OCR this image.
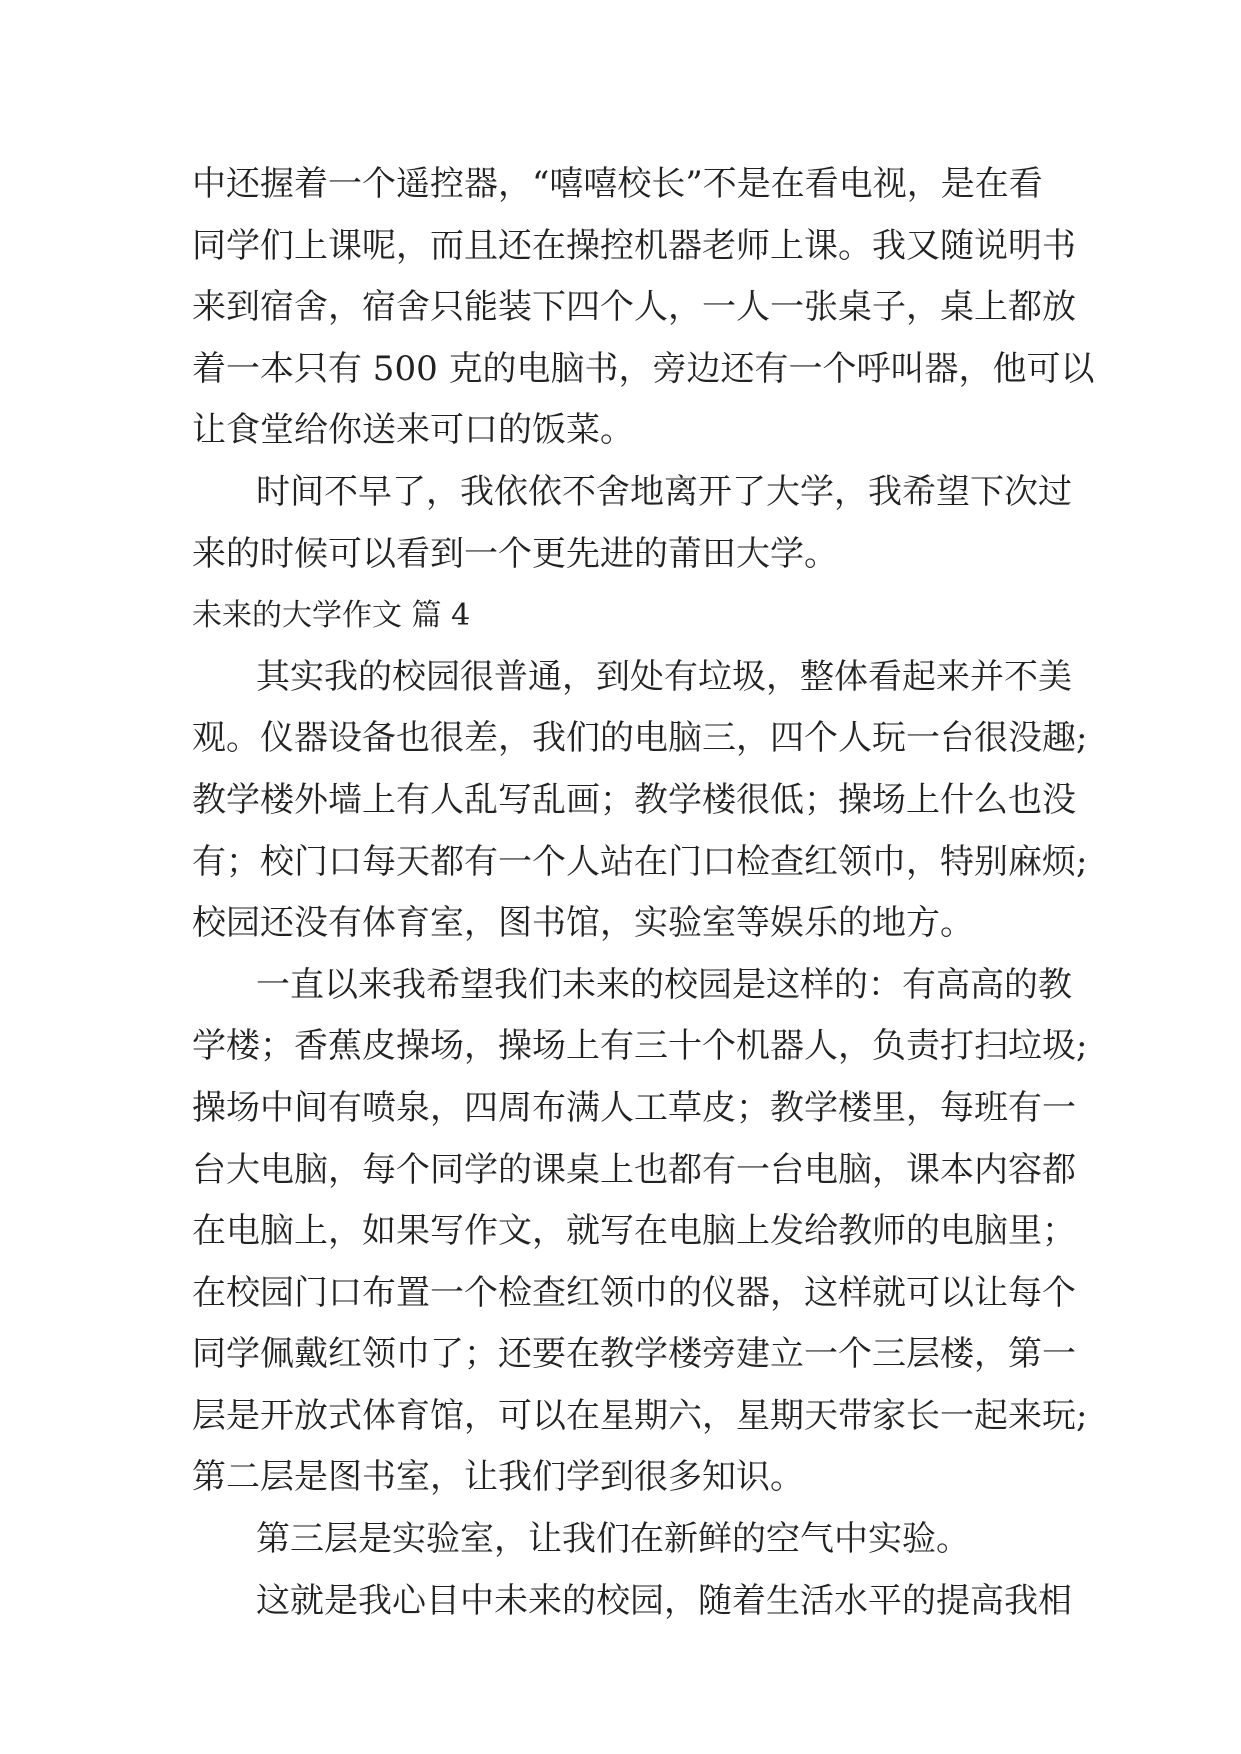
中还握着一个遥控器，“嘻嘻校长”不是在看电视，是在看
同学们上课呢，而且还在操控机器老师上课。我又随说明书
来到宿舍，宿舍只能装下四个人，一人一张桌子，桌上都放
着一本只有 500 克的电脑书，旁边还有一个呼叫器，他可以
让食堂给你送来可口的饭菜。
时间不早了，我依依不舍地离开了大学，我希望下次过
来的时候可以看到一个更先进的莆田大学。
未来的大学作文 篇 4
其实我的校园很普通，到处有垃圾，整体看起来并不美
观。仪器设备也很差，我们的电脑三，四个人玩一台很没趣;
教学楼外墙上有人乱写乱画；教学楼很低；操场上什么也没
有；校门口每天都有一个人站在门口检查红领巾，特别麻烦;
校园还没有体育室，图书馆，实验室等娱乐的地方。
一直以来我希望我们未来的校园是这样的：有高高的教
学楼；香蕉皮操场，操场上有三十个机器人，负责打扫垃圾;
操场中间有喷泉，四周布满人工草皮；教学楼里，每班有一
台大电脑，每个同学的课桌上也都有一台电脑，课本内容都
在电脑上，如果写作文，就写在电脑上发给教师的电脑里；
在校园门口布置一个检查红领巾的仪器，这样就可以让每个
同学佩戴红领巾了；还要在教学楼旁建立一个三层楼，第一
层是开放式体育馆，可以在星期六，星期天带家长一起来玩;
第二层是图书室，让我们学到很多知识。
第三层是实验室，让我们在新鲜的空气中实验。
这就是我心目中未来的校园，随着生活水平的提高我相
